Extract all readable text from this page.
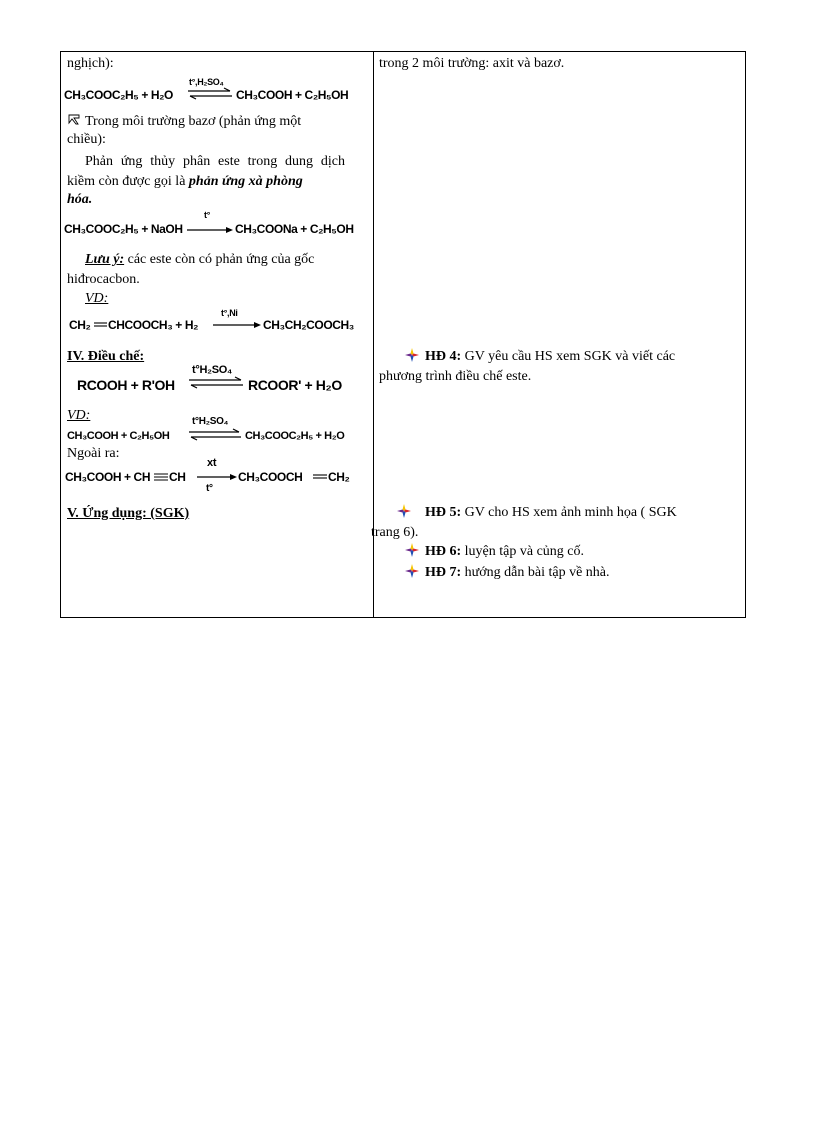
nghịch):
t°,H₂SO₄
CH₃COOC₂H₅ + H₂O	CH₃COOH + C₂H₅OH
Trong môi trường bazơ (phản ứng một
chiều):
Phản ứng thủy phân este trong dung dịch
kiềm còn được gọi là phản ứng xà phòng
hóa.
t°
CH₃COOC₂H₅ + NaOH	CH₃COONa + C₂H₅OH
Lưu ý: các este còn có phản ứng của gốc
hiđrocacbon.
VD:
t°,Ni
CH₂ CHCOOCH₃ + H₂	CH₃CH₂COOCH₃
IV. Điều chế:
t°H₂SO₄
RCOOH + R'OH	RCOOR' + H₂O
VD:	t°H₂SO₄
CH₃COOH + C₂H₅OH	CH₃COOC₂H₅ + H₂O
Ngoài ra:
xt
t°
CH₃COOH + CH CH	CH₃COOCH CH₂
V. Ứng dụng: (SGK)
trong 2 môi trường: axit và bazơ.
HĐ 4: GV yêu cầu HS xem SGK và viết các
phương trình điều chế este.
HĐ 5: GV cho HS xem ảnh minh họa ( SGK
trang 6).
HĐ 6: luyện tập và củng cố.
HĐ 7: hướng dẫn bài tập về nhà.
